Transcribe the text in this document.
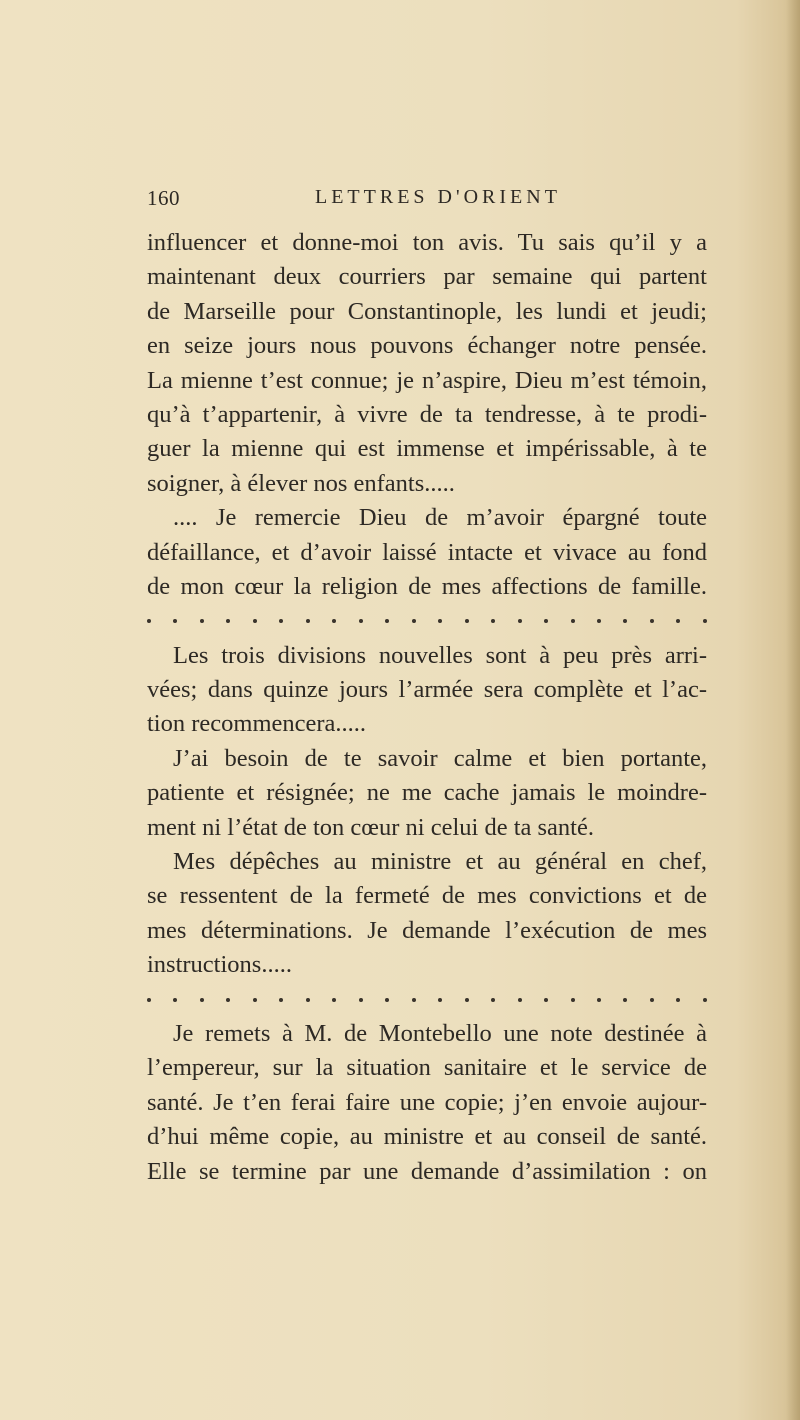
160	LETTRES D'ORIENT
influencer et donne-moi ton avis. Tu sais qu’il y a
maintenant deux courriers par semaine qui partent
de Marseille pour Constantinople, les lundi et jeudi;
en seize jours nous pouvons échanger notre pensée.
La mienne t’est connue; je n’aspire, Dieu m’est témoin,
qu’à t’appartenir, à vivre de ta tendresse, à te prodi-
guer la mienne qui est immense et impérissable, à te
soigner, à élever nos enfants.....
.... Je remercie Dieu de m’avoir épargné toute
défaillance, et d’avoir laissé intacte et vivace au fond
de mon cœur la religion de mes affections de famille.
Les trois divisions nouvelles sont à peu près arri-
vées; dans quinze jours l’armée sera complète et l’ac-
tion recommencera.....
J’ai besoin de te savoir calme et bien portante,
patiente et résignée; ne me cache jamais le moindre-
ment ni l’état de ton cœur ni celui de ta santé.
Mes dépêches au ministre et au général en chef,
se ressentent de la fermeté de mes convictions et de
mes déterminations. Je demande l’exécution de mes
instructions.....
Je remets à M. de Montebello une note destinée à
l’empereur, sur la situation sanitaire et le service de
santé. Je t’en ferai faire une copie; j’en envoie aujour-
d’hui même copie, au ministre et au conseil de santé.
Elle se termine par une demande d’assimilation : on
